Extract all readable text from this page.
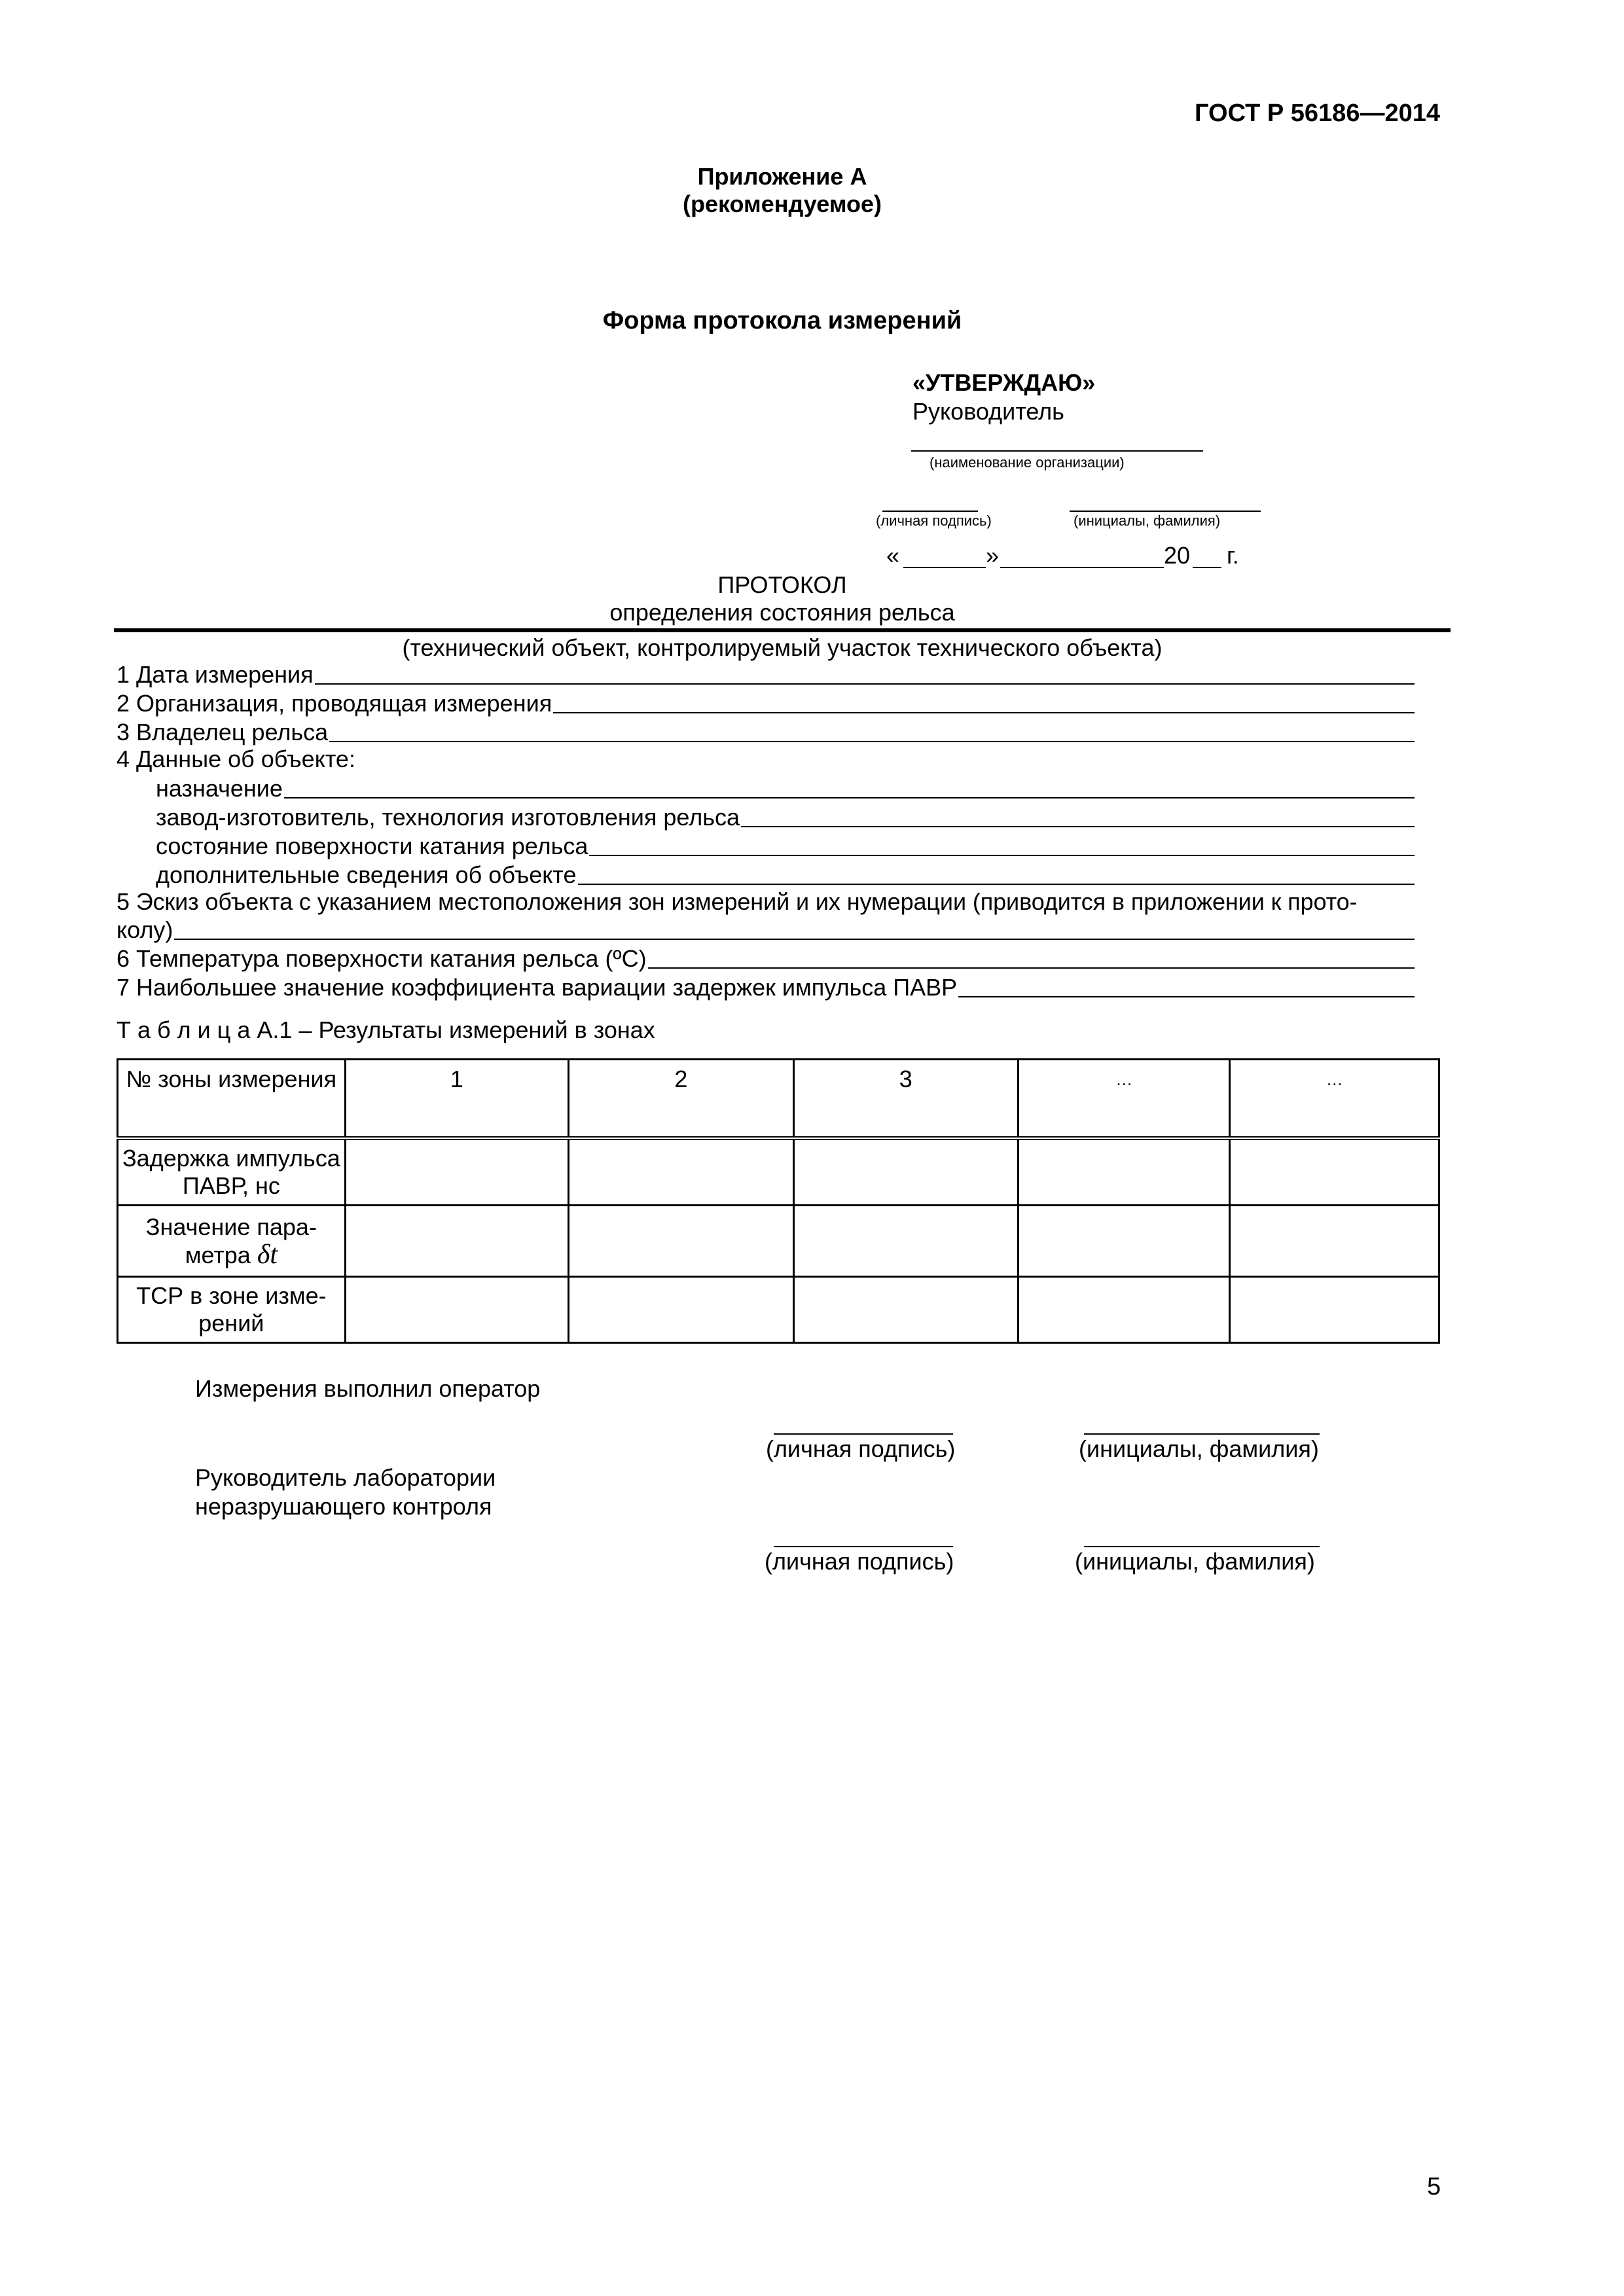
ГОСТ Р 56186—2014
Приложение А
(рекомендуемое)
Форма протокола измерений
«УТВЕРЖДАЮ»
Руководитель
(наименование организации)
(личная подпись)	(инициалы, фамилия)
«	»	20 г.
ПРОТОКОЛ
определения состояния рельса
(технический объект, контролируемый участок технического объекта)
1 Дата измерения
2 Организация, проводящая измерения
3 Владелец рельса
4 Данные об объекте:
назначение
завод-изготовитель, технология изготовления рельса
состояние поверхности катания рельса
дополнительные сведения об объекте
5 Эскиз объекта с указанием местоположения зон измерений и их нумерации (приводится в приложении к прото-
колу)
6 Температура поверхности катания рельса (ºС)
7 Наибольшее значение коэффициента вариации задержек импульса ПАВР
Т а б л и ц а А.1 – Результаты измерений в зонах
№ зоны измерения	1	2	3	…	…
Задержка импульса ПАВР, нс					
Значение пара-метра δt					
ТСР в зоне изме-рений					
Измерения выполнил оператор
(личная подпись)	(инициалы, фамилия)
Руководитель лаборатории
неразрушающего контроля
(личная подпись)	(инициалы, фамилия)
5
